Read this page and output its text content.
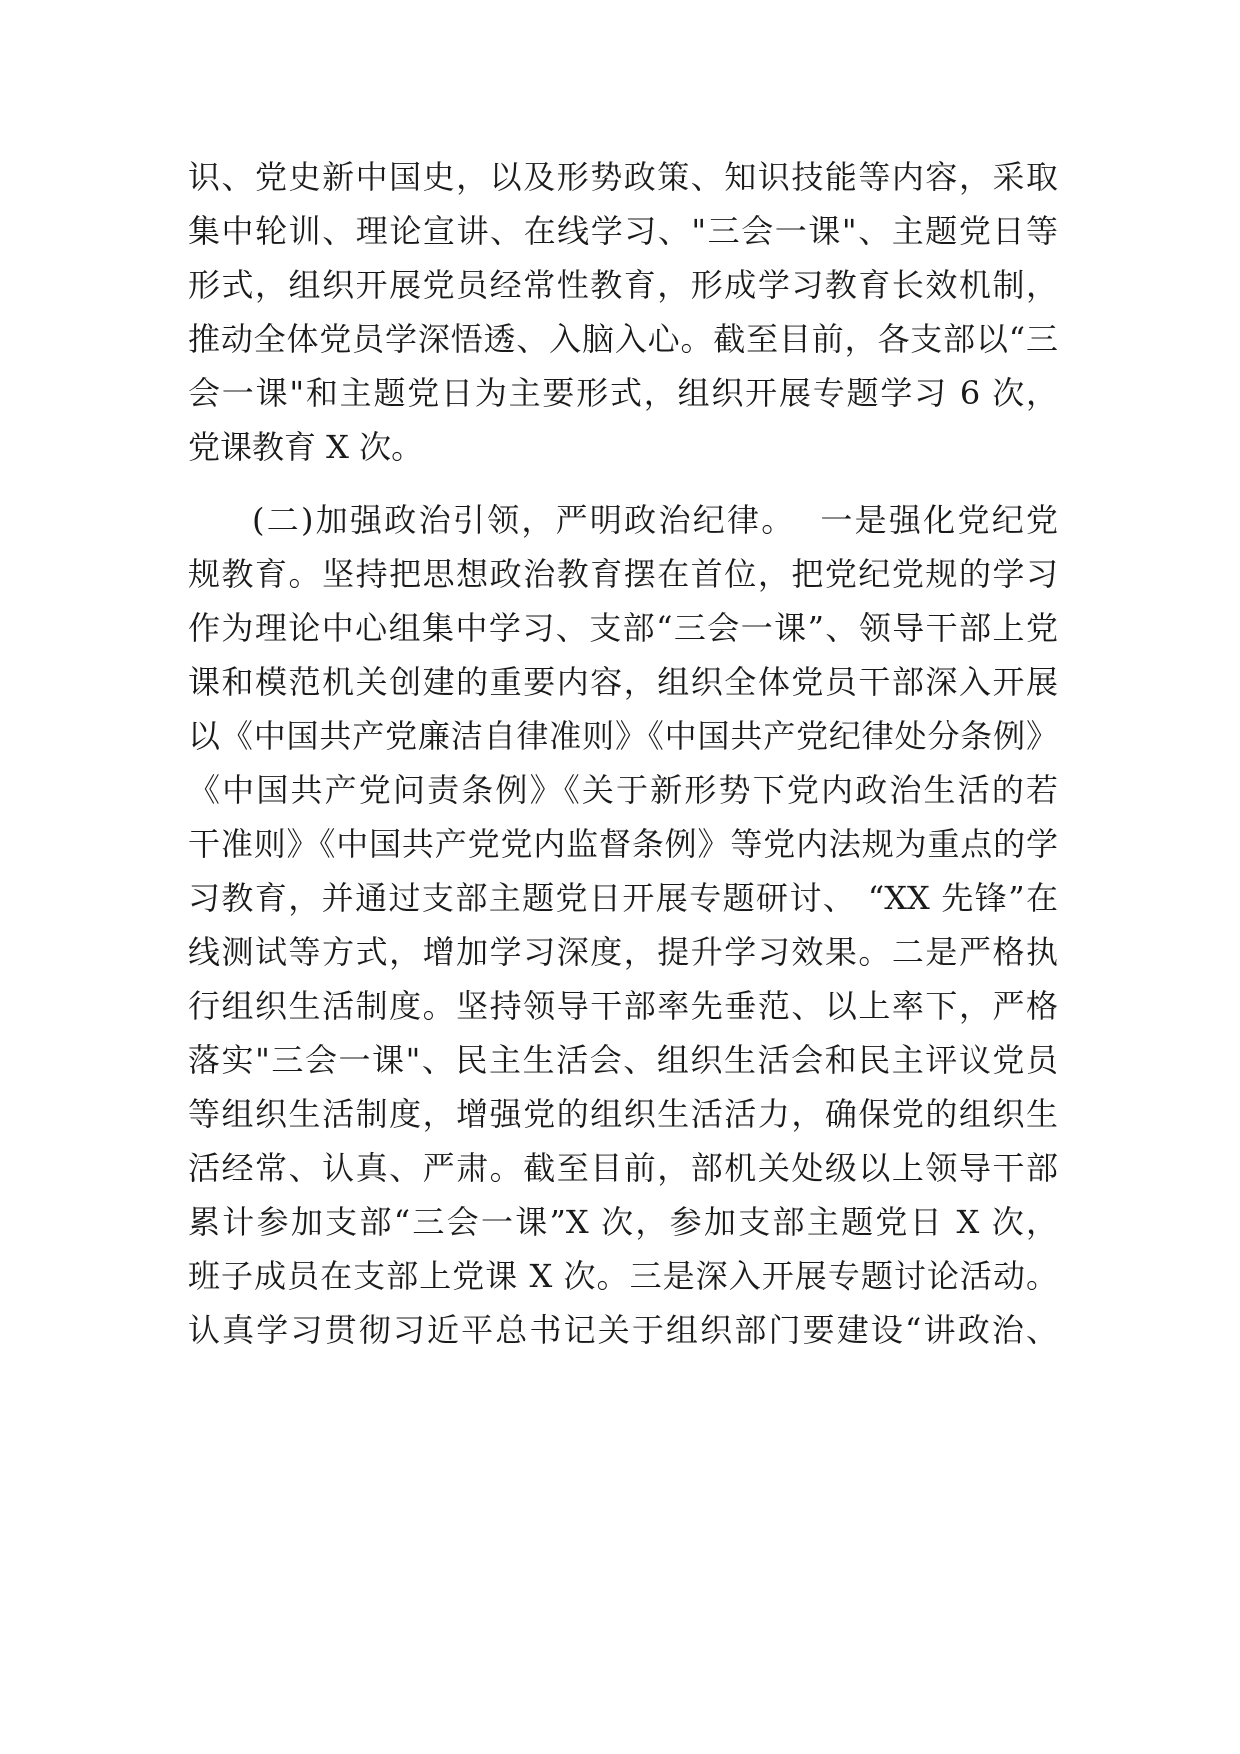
识、党史新中国史，以及形势政策、知识技能等内容，采取
集中轮训、理论宣讲、在线学习、"三会一课"、主题党日等
形式，组织开展党员经常性教育，形成学习教育长效机制，
推动全体党员学深悟透、入脑入心。截至目前，各支部以“三
会一课"和主题党日为主要形式，组织开展专题学习 6 次，
党课教育 X 次。
(二)加强政治引领，严明政治纪律。  一是强化党纪党
规教育。坚持把思想政治教育摆在首位，把党纪党规的学习
作为理论中心组集中学习、支部“三会一课”、领导干部上党
课和模范机关创建的重要内容，组织全体党员干部深入开展
以《中国共产党廉洁自律准则》《中国共产党纪律处分条例》
《中国共产党问责条例》《关于新形势下党内政治生活的若
干准则》《中国共产党党内监督条例》等党内法规为重点的学
习教育，并通过支部主题党日开展专题研讨、 “XX 先锋”在
线测试等方式，增加学习深度，提升学习效果。二是严格执
行组织生活制度。坚持领导干部率先垂范、以上率下，严格
落实"三会一课"、民主生活会、组织生活会和民主评议党员
等组织生活制度，增强党的组织生活活力，确保党的组织生
活经常、认真、严肃。截至目前，部机关处级以上领导干部
累计参加支部“三会一课”X 次，参加支部主题党日 X 次，
班子成员在支部上党课 X 次。三是深入开展专题讨论活动。
认真学习贯彻习近平总书记关于组织部门要建设“讲政治、
